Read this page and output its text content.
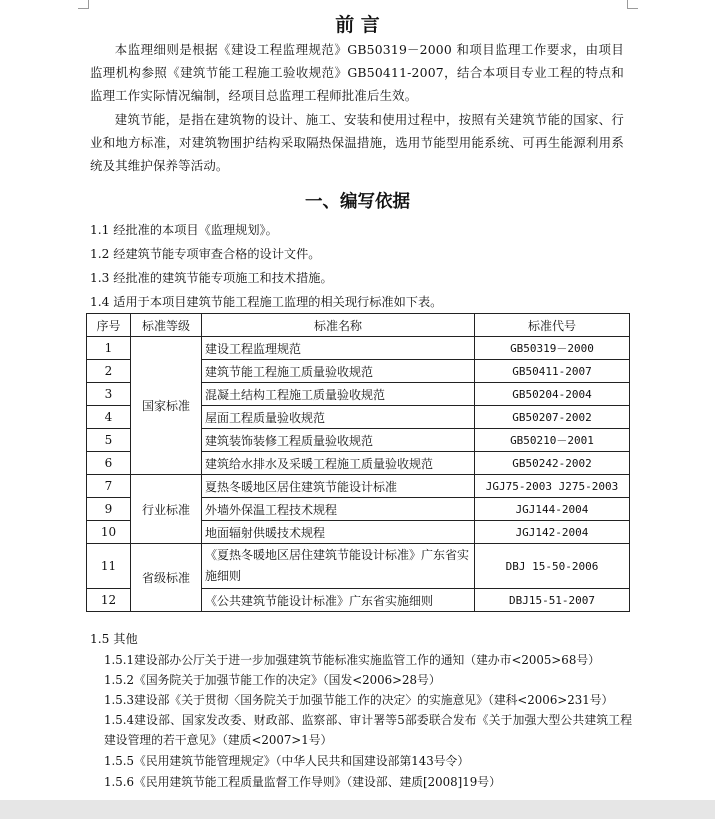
前 言
本监理细则是根据《建设工程监理规范》GB50319－2000 和项目监理工作要求，由项目监理机构参照《建筑节能工程施工验收规范》GB50411-2007，结合本项目专业工程的特点和监理工作实际情况编制，经项目总监理工程师批准后生效。
建筑节能，是指在建筑物的设计、施工、安装和使用过程中，按照有关建筑节能的国家、行业和地方标准，对建筑物围护结构采取隔热保温措施，选用节能型用能系统、可再生能源利用系统及其维护保养等活动。
一、编写依据
1.1 经批准的本项目《监理规划》。
1.2 经建筑节能专项审查合格的设计文件。
1.3 经批准的建筑节能专项施工和技术措施。
1.4 适用于本项目建筑节能工程施工监理的相关现行标准如下表。
序号	标准等级	标准名称	标准代号
1	国家标准	建设工程监理规范	GB50319－2000
2		建筑节能工程施工质量验收规范	GB50411-2007
3		混凝土结构工程施工质量验收规范	GB50204-2004
4		屋面工程质量验收规范	GB50207-2002
5		建筑装饰装修工程质量验收规范	GB50210－2001
6		建筑给水排水及采暖工程施工质量验收规范	GB50242-2002
7	行业标准	夏热冬暖地区居住建筑节能设计标准	JGJ75-2003 J275-2003
9		外墙外保温工程技术规程	JGJ144-2004
10		地面辐射供暖技术规程	JGJ142-2004
11	省级标准	《夏热冬暖地区居住建筑节能设计标准》广东省实施细则	DBJ 15-50-2006
12		《公共建筑节能设计标准》广东省实施细则	DBJ15-51-2007
1.5 其他
1.5.1建设部办公厅关于进一步加强建筑节能标准实施监管工作的通知（建办市<2005>68号）
1.5.2《国务院关于加强节能工作的决定》（国发<2006>28号）
1.5.3建设部《关于贯彻〈国务院关于加强节能工作的决定〉的实施意见》（建科<2006>231号）
1.5.4建设部、国家发改委、财政部、监察部、审计署等5部委联合发布《关于加强大型公共建筑工程建设管理的若干意见》（建质<2007>1号）
1.5.5《民用建筑节能管理规定》（中华人民共和国建设部第143号令）
1.5.6《民用建筑节能工程质量监督工作导则》（建设部、建质[2008]19号）
